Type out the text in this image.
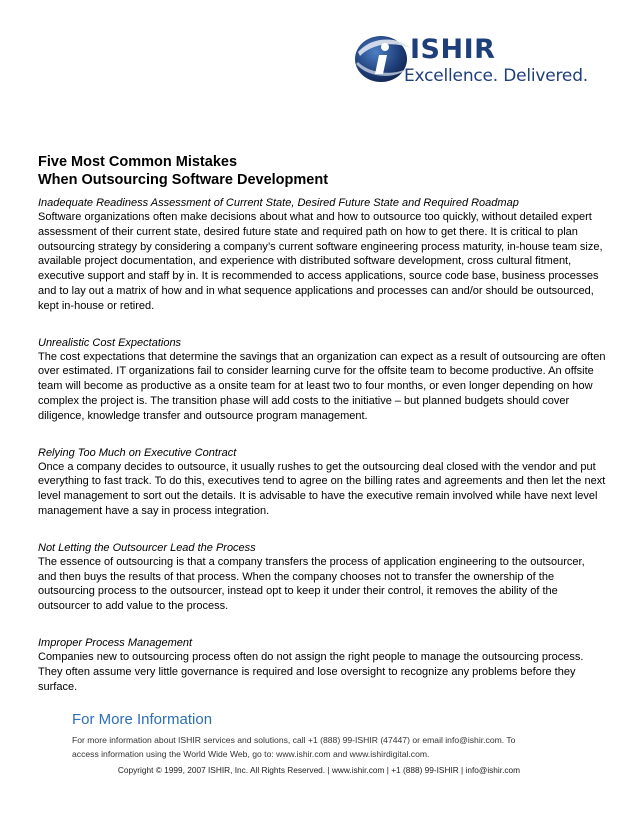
ISHIR
Excellence. Delivered.
Five Most Common Mistakes
When Outsourcing Software Development

Inadequate Readiness Assessment of Current State, Desired Future State and Required Roadmap

Software organizations often make decisions about what and how to outsource too quickly, without detailed expert assessment of their current state, desired future state and required path on how to get there. It is critical to plan outsourcing strategy by considering a company’s current software engineering process maturity, in-house team size, available project documentation, and experience with distributed software development, cross cultural fitment, executive support and staff by in. It is recommended to access applications, source code base, business processes and to lay out a matrix of how and in what sequence applications and processes can and/or should be outsourced, kept in-house or retired.

Unrealistic Cost Expectations

The cost expectations that determine the savings that an organization can expect as a result of outsourcing are often over estimated. IT organizations fail to consider learning curve for the offsite team to become productive. An offsite team will become as productive as a onsite team for at least two to four months, or even longer depending on how complex the project is. The transition phase will add costs to the initiative – but planned budgets should cover diligence, knowledge transfer and outsource program management.

Relying Too Much on Executive Contract

Once a company decides to outsource, it usually rushes to get the outsourcing deal closed with the vendor and put everything to fast track. To do this, executives tend to agree on the billing rates and agreements and then let the next level management to sort out the details. It is advisable to have the executive remain involved while have next level management have a say in process integration.

Not Letting the Outsourcer Lead the Process

The essence of outsourcing is that a company transfers the process of application engineering to the outsourcer, and then buys the results of that process. When the company chooses not to transfer the ownership of the outsourcing process to the outsourcer, instead opt to keep it under their control, it removes the ability of the outsourcer to add value to the process.

Improper Process Management

Companies new to outsourcing process often do not assign the right people to manage the outsourcing process. They often assume very little governance is required and lose oversight to recognize any problems before they surface.

For More Information

For more information about ISHIR services and solutions, call +1 (888) 99-ISHIR (47447) or email info@ishir.com. To
access information using the World Wide Web, go to: www.ishir.com and www.ishirdigital.com.

Copyright © 1999, 2007 ISHIR, Inc. All Rights Reserved. | www.ishir.com | +1 (888) 99-ISHIR | info@ishir.com
